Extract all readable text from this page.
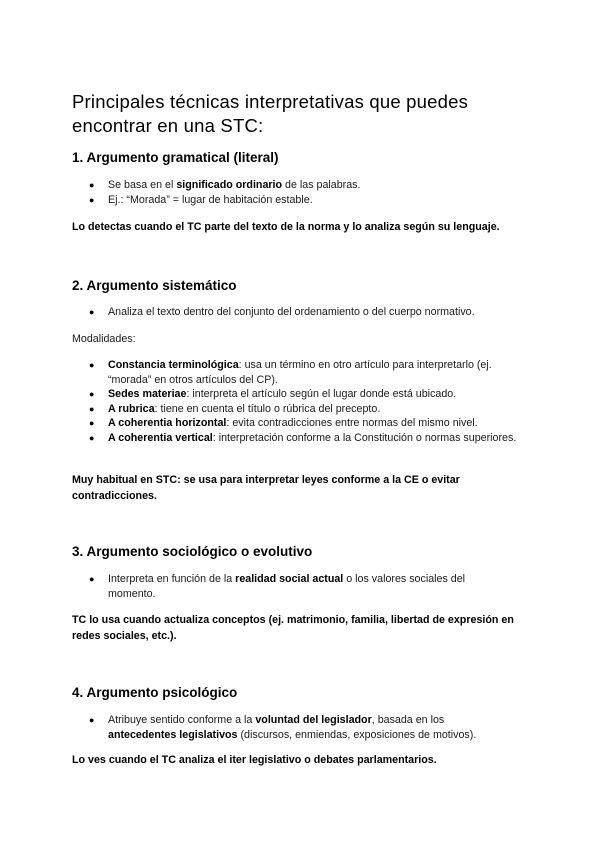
Principales técnicas interpretativas que puedes encontrar en una STC:
1. Argumento gramatical (literal)
● Se basa en el significado ordinario de las palabras.
● Ej.: “Morada” = lugar de habitación estable.

Lo detectas cuando el TC parte del texto de la norma y lo analiza según su lenguaje.

2. Argumento sistemático
● Analiza el texto dentro del conjunto del ordenamiento o del cuerpo normativo.

Modalidades:

● Constancia terminológica: usa un término en otro artículo para interpretarlo (ej. “morada” en otros artículos del CP).
● Sedes materiae: interpreta el artículo según el lugar donde está ubicado.
● A rubrica: tiene en cuenta el título o rúbrica del precepto.
● A coherentia horizontal: evita contradicciones entre normas del mismo nivel.
● A coherentia vertical: interpretación conforme a la Constitución o normas superiores.

Muy habitual en STC: se usa para interpretar leyes conforme a la CE o evitar contradicciones.

3. Argumento sociológico o evolutivo
● Interpreta en función de la realidad social actual o los valores sociales del momento.

TC lo usa cuando actualiza conceptos (ej. matrimonio, familia, libertad de expresión en redes sociales, etc.).

4. Argumento psicológico
● Atribuye sentido conforme a la voluntad del legislador, basada en los antecedentes legislativos (discursos, enmiendas, exposiciones de motivos).

Lo ves cuando el TC analiza el iter legislativo o debates parlamentarios.
